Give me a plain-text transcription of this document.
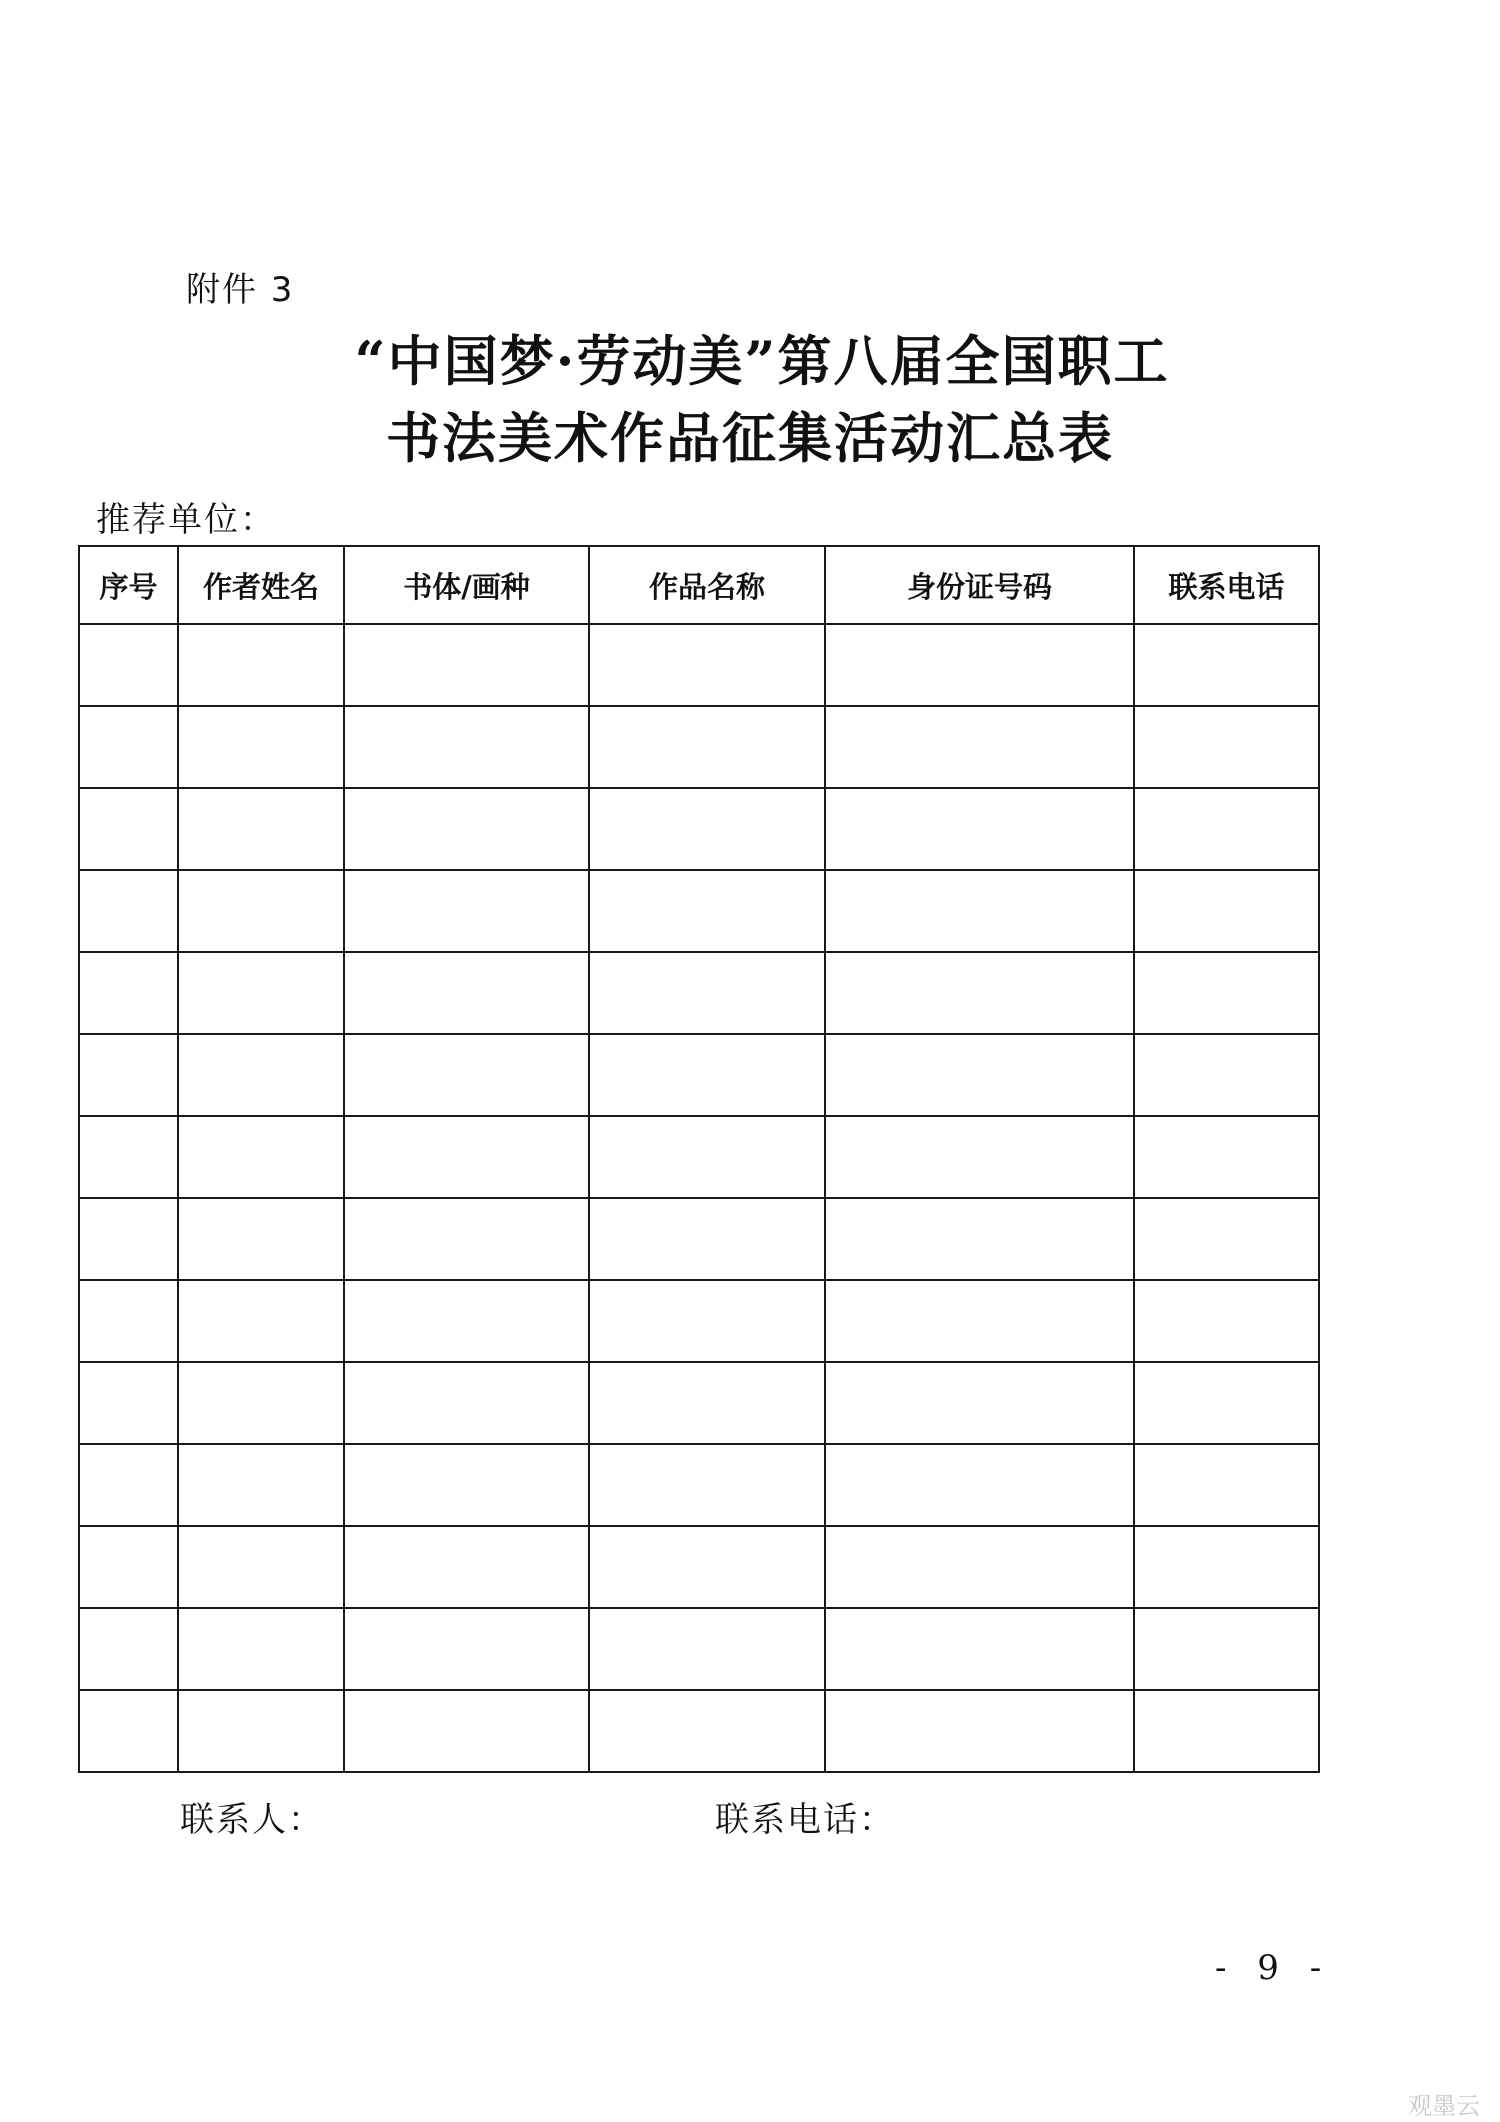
附件 3
“中国梦·劳动美”第八届全国职工
书法美术作品征集活动汇总表
推荐单位：
序号	作者姓名	书体/画种	作品名称	身份证号码	联系电话

联系人：	联系电话：
- 9 -
观墨云
